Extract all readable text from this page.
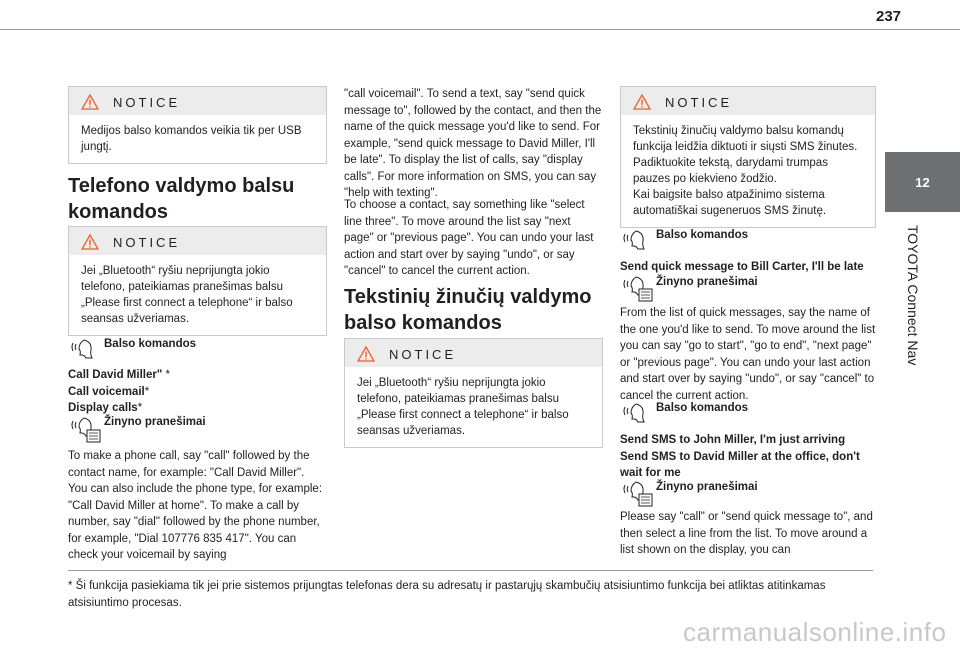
237
12
TOYOTA Connect Nav
NOTICE
Medijos balso komandos veikia tik per USB jungtį.
Telefono valdymo balsu
komandos
NOTICE
Jei „Bluetooth“ ryšiu neprijungta jokio telefono, pateikiamas pranešimas balsu „Please first connect a telephone“ ir balso seansas užveriamas.
Balso komandos
Call David Miller" *
Call voicemail*
Display calls*
Žinyno pranešimai
To make a phone call, say "call" followed by the contact name, for example: "Call David Miller". You can also include the phone type, for example: "Call David Miller at home". To make a call by number, say "dial" followed by the phone number, for example, "Dial 107776 835 417". You can check your voicemail by saying
"call voicemail". To send a text, say "send quick message to", followed by the contact, and then the name of the quick message you'd like to send. For example, "send quick message to David Miller, I'll be late". To display the list of calls, say "display calls". For more information on SMS, you can say "help with texting".
To choose a contact, say something like "select line three". To move around the list say "next page" or "previous page". You can undo your last action and start over by saying "undo", or say "cancel" to cancel the current action.
Tekstinių žinučių valdymo
balso komandos
NOTICE
Jei „Bluetooth“ ryšiu neprijungta jokio telefono, pateikiamas pranešimas balsu „Please first connect a telephone“ ir balso seansas užveriamas.
NOTICE
Tekstinių žinučių valdymo balsu komandų funkcija leidžia diktuoti ir siųsti SMS žinutes. Padiktuokite tekstą, darydami trumpas pauzes po kiekvieno žodžio.
Kai baigsite balso atpažinimo sistema automatiškai sugeneruos SMS žinutę.
Balso komandos
Send quick message to Bill Carter, I'll be late
Žinyno pranešimai
From the list of quick messages, say the name of the one you'd like to send. To move around the list you can say "go to start", "go to end", "next page" or "previous page". You can undo your last action and start over by saying "undo", or say "cancel" to cancel the current action.
Balso komandos
Send SMS to John Miller, I'm just arriving
Send SMS to David Miller at the office, don't wait for me
Žinyno pranešimai
Please say "call" or "send quick message to", and then select a line from the list. To move around a list shown on the display, you can
* Ši funkcija pasiekiama tik jei prie sistemos prijungtas telefonas dera su adresatų ir pastarųjų skambučių atsisiuntimo funkcija bei atliktas atitinkamas atsisiuntimo procesas.
carmanualsonline.info
